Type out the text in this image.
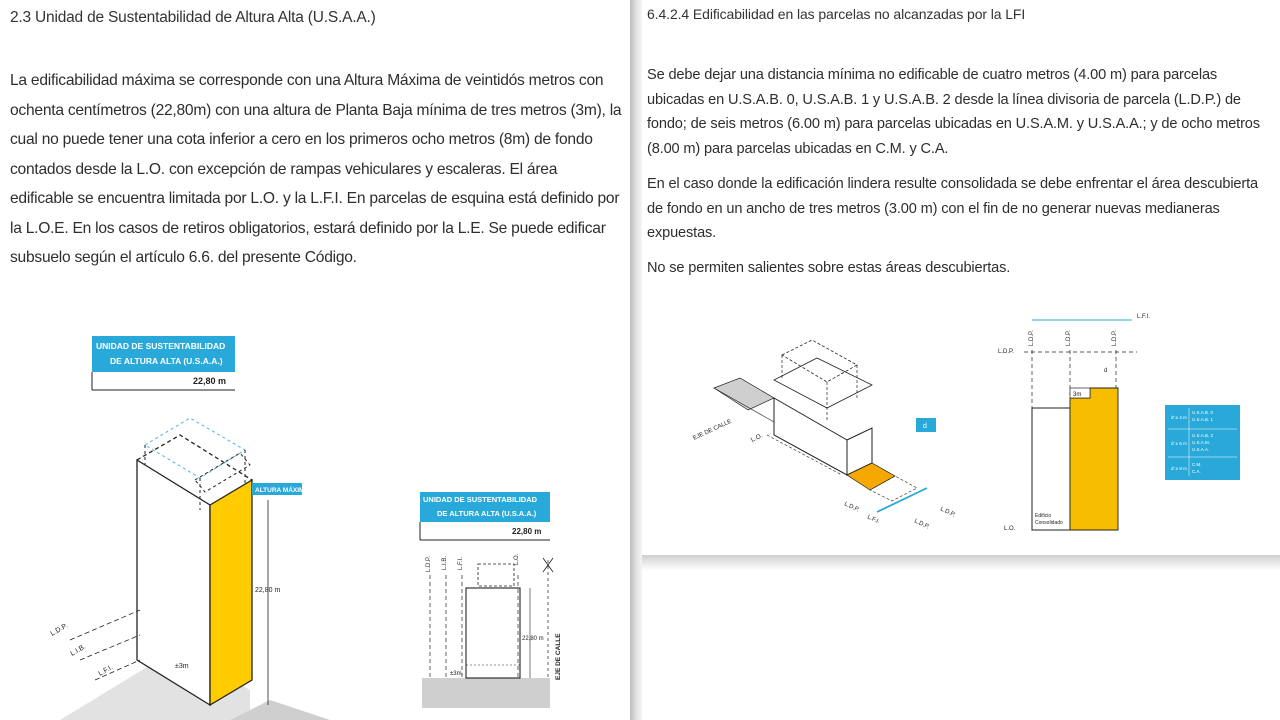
2.3 Unidad de Sustentabilidad de Altura Alta (U.S.A.A.)
La edificabilidad máxima se corresponde con una Altura Máxima de veintidós metros con ochenta centímetros (22,80m) con una altura de Planta Baja mínima de tres metros (3m), la cual no puede tener una cota inferior a cero en los primeros ocho metros (8m) de fondo contados desde la L.O. con excepción de rampas vehiculares y escaleras. El área edificable se encuentra limitada por L.O. y la L.F.I. En parcelas de esquina está definido por la L.O.E. En los casos de retiros obligatorios, estará definido por la L.E. Se puede edificar subsuelo según el artículo 6.6. del presente Código.
UNIDAD DE SUSTENTABILIDAD
DE ALTURA ALTA (U.S.A.A.)
22,80 m
ALTURA MÁXIMA
22,80 m
±3m
L.D.P.
L.I.B.
L.F.I.
UNIDAD DE SUSTENTABILIDAD
DE ALTURA ALTA (U.S.A.A.)
22,80 m
L.D.P. L.I.B. L.F.I.	L.O.
22,80 m
±3m	EJE DE CALLE
6.4.2.4 Edificabilidad en las parcelas no alcanzadas por la LFI
Se debe dejar una distancia mínima no edificable de cuatro metros (4.00 m) para parcelas ubicadas en U.S.A.B. 0, U.S.A.B. 1 y U.S.A.B. 2 desde la línea divisoria de parcela (L.D.P.) de fondo; de seis metros (6.00 m) para parcelas ubicadas en U.S.A.M. y U.S.A.A.; y de ocho metros (8.00 m) para parcelas ubicadas en C.M. y C.A.
En el caso donde la edificación lindera resulte consolidada se debe enfrentar el área descubierta de fondo en un ancho de tres metros (3.00 m) con el fin de no generar nuevas medianeras expuestas.
No se permiten salientes sobre estas áreas descubiertas.
EJE DE CALLE	L.O.
d
L.D.P.
L.F.I.	L.D.P.
L.D.P.
L.F.I.
L.D.P.
L.D.P.	L.D.P.	L.D.P.
d
3m
Edificio
Consolidado
L.O.
d' ≥ 4 m
U.S.A.B. 0
U.S.A.B. 1
d' ≥ 6 m
U.S.A.B. 2
U.S.A.M.
U.S.A.A.
d' ≥ 8 m
C.M.
C.A.
